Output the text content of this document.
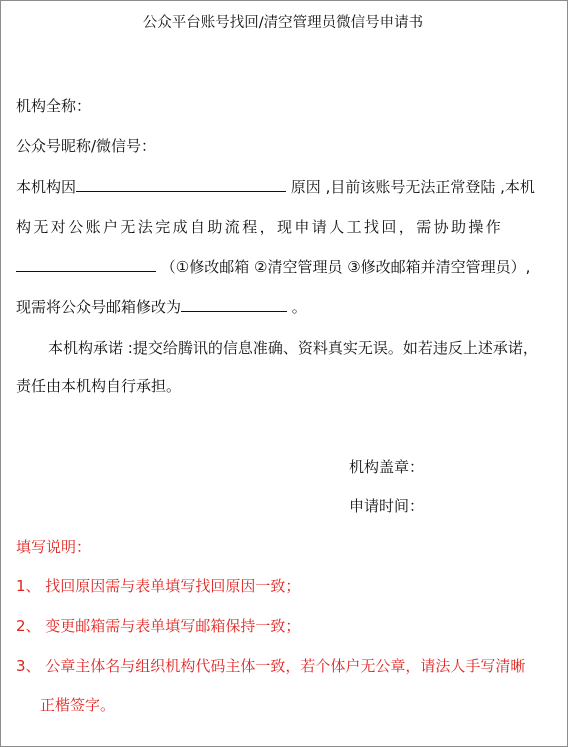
公众平台账号找回/清空管理员微信号申请书
机构全称：
公众号昵称/微信号：
本机构因	原因 ,目前该账号无法正常登陆 ,本机
构无对公账户无法完成自助流程，现申请人工找回，需协助操作
（①修改邮箱 ②清空管理员 ③修改邮箱并清空管理员）,
现需将公众号邮箱修改为	。
本机构承诺 :提交给腾讯的信息准确、资料真实无误。如若违反上述承诺，
责任由本机构自行承担。
机构盖章：
申请时间：
填写说明：
1、 找回原因需与表单填写找回原因一致；
2、 变更邮箱需与表单填写邮箱保持一致；
3、 公章主体名与组织机构代码主体一致，若个体户无公章，请法人手写清晰
正楷签字。
